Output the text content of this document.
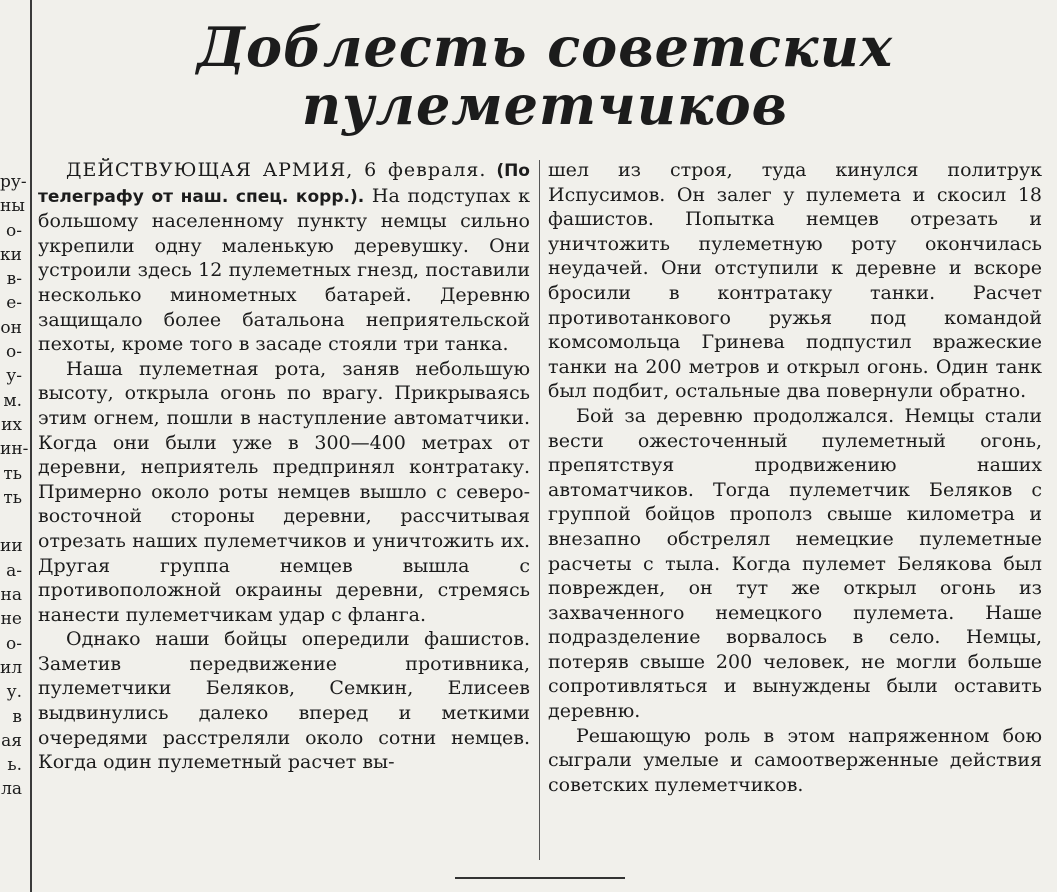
ру-
ны
о-
ки
в-
е-
он
о-
у-
м.
их
ин-
ть
ть
ии
а-
на
не
о-
ил
у.
в
ая
ь.
ла
Доблесть советских
пулеметчиков

ДЕЙСТВУЮЩАЯ АРМИЯ, 6 февраля. (По телеграфу от наш. спец. корр.). На подступах к большому населенному пункту немцы сильно укрепили одну маленькую деревушку. Они устроили здесь 12 пулеметных гнезд, поставили несколько минометных батарей. Деревню защищало более батальона неприятельской пехоты, кроме того в засаде стояли три танка.

Наша пулеметная рота, заняв небольшую высоту, открыла огонь по врагу. Прикрываясь этим огнем, пошли в наступление автоматчики. Когда они были уже в 300—400 метрах от деревни, неприятель предпринял контратаку. Примерно около роты немцев вышло с северо-восточной стороны деревни, рассчитывая отрезать наших пулеметчиков и уничтожить их. Другая группа немцев вышла с противоположной окраины деревни, стремясь нанести пулеметчикам удар с фланга.

Однако наши бойцы опередили фашистов. Заметив передвижение противника, пулеметчики Беляков, Семкин, Елисеев выдвинулись далеко вперед и меткими очередями расстреляли около сотни немцев. Когда один пулеметный расчет вы-

шел из строя, туда кинулся политрук Испусимов. Он залег у пулемета и скосил 18 фашистов. Попытка немцев отрезать и уничтожить пулеметную роту окончилась неудачей. Они отступили к деревне и вскоре бросили в контратаку танки. Расчет противотанкового ружья под командой комсомольца Гринева подпустил вражеские танки на 200 метров и открыл огонь. Один танк был подбит, остальные два повернули обратно.

Бой за деревню продолжался. Немцы стали вести ожесточенный пулеметный огонь, препятствуя продвижению наших автоматчиков. Тогда пулеметчик Беляков с группой бойцов прополз свыше километра и внезапно обстрелял немецкие пулеметные расчеты с тыла. Когда пулемет Белякова был поврежден, он тут же открыл огонь из захваченного немецкого пулемета. Наше подразделение ворвалось в село. Немцы, потеряв свыше 200 человек, не могли больше сопротивляться и вынуждены были оставить деревню.

Решающую роль в этом напряженном бою сыграли умелые и самоотверженные действия советских пулеметчиков.
